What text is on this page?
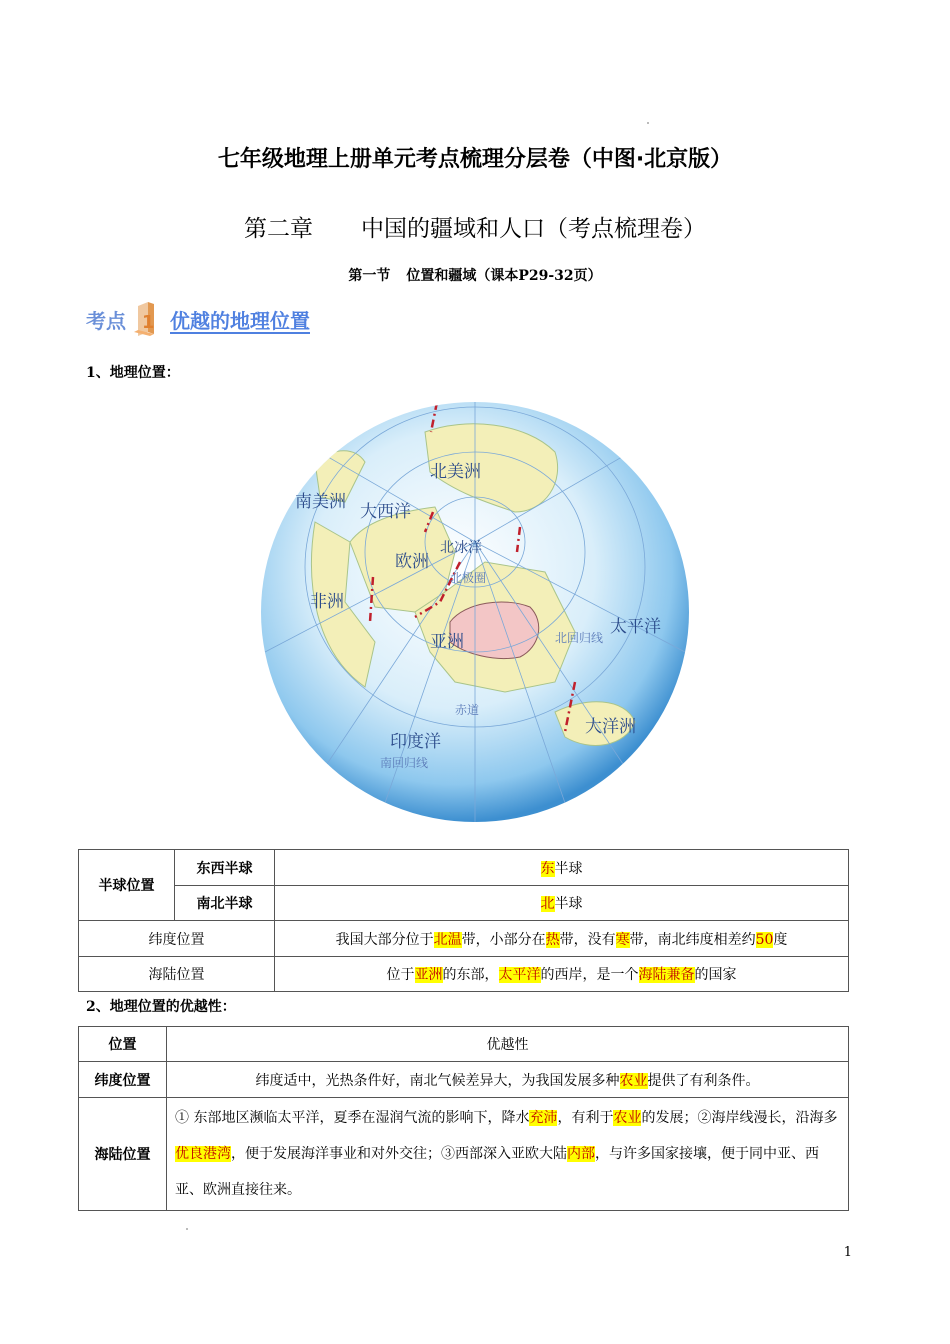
七年级地理上册单元考点梳理分层卷（中图·北京版）
第二章 中国的疆域和人口（考点梳理卷）
第一节 位置和疆域（课本P29-32页）
考点 1 优越的地理位置
1、地理位置：
南美洲
北美洲
大西洋
欧洲
北冰洋
非洲
亚洲
太平洋
大洋洲
印度洋
北回归线
赤道
南回归线
北极圈
半球位置	东西半球	东半球
	南北半球	北半球
纬度位置		我国大部分位于北温带，小部分在热带，没有寒带，南北纬度相差约50度
海陆位置		位于亚洲的东部，太平洋的西岸，是一个海陆兼备的国家
2、地理位置的优越性：
位置	优越性
纬度位置	纬度适中，光热条件好，南北气候差异大，为我国发展多种农业提供了有利条件。
海陆位置	① 东部地区濒临太平洋，夏季在湿润气流的影响下，降水充沛，有利于农业的发展；②海岸线漫长，沿海多优良港湾，便于发展海洋事业和对外交往；③西部深入亚欧大陆内部，与许多国家接壤，便于同中亚、西亚、欧洲直接往来。
1
